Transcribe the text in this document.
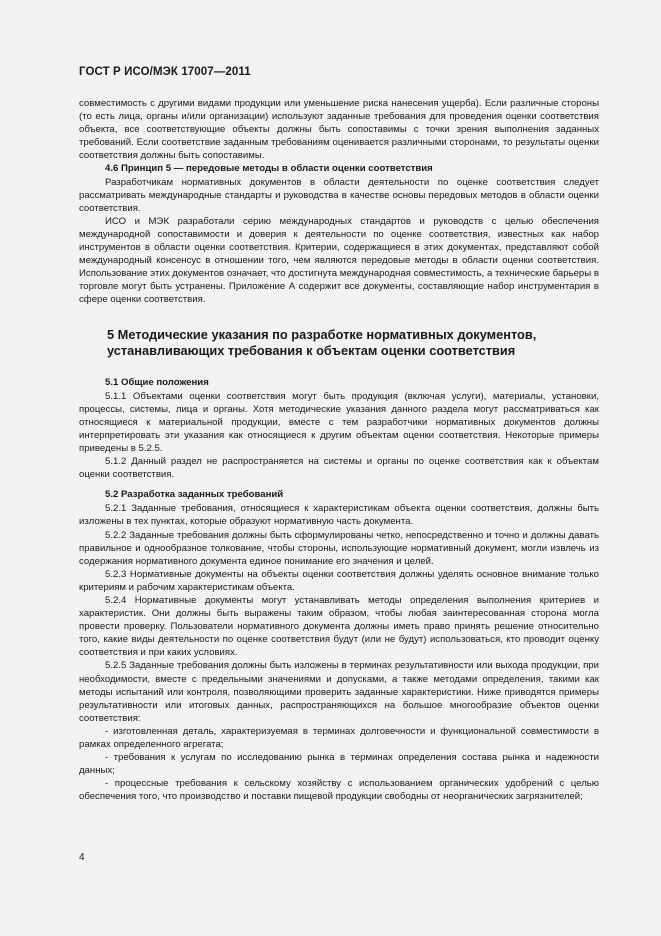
ГОСТ Р ИСО/МЭК 17007—2011

совместимость с другими видами продукции или уменьшение риска нанесения ущерба). Если различные стороны (то есть лица, органы и/или организации) используют заданные требования для проведения оценки соответствия объекта, все соответствующие объекты должны быть сопоставимы с точки зрения выполнения заданных требований. Если соответствие заданным требованиям оценивается различными сторонами, то результаты оценки соответствия должны быть сопоставимы.

4.6 Принцип 5 — передовые методы в области оценки соответствия

Разработчикам нормативных документов в области деятельности по оценке соответствия следует рассматривать международные стандарты и руководства в качестве основы передовых методов в области оценки соответствия.

ИСО и МЭК разработали серию международных стандартов и руководств с целью обеспечения международной сопоставимости и доверия к деятельности по оценке соответствия, известных как набор инструментов в области оценки соответствия. Критерии, содержащиеся в этих документах, представляют собой международный консенсус в отношении того, чем являются передовые методы в области оценки соответствия. Использование этих документов означает, что достигнута международная совместимость, а технические барьеры в торговле могут быть устранены. Приложение А содержит все документы, составляющие набор инструментария в сфере оценки соответствия.

5 Методические указания по разработке нормативных документов, устанавливающих требования к объектам оценки соответствия

5.1 Общие положения

5.1.1 Объектами оценки соответствия могут быть продукция (включая услуги), материалы, установки, процессы, системы, лица и органы. Хотя методические указания данного раздела могут рассматриваться как относящиеся к материальной продукции, вместе с тем разработчики нормативных документов должны интерпретировать эти указания как относящиеся к другим объектам оценки соответствия. Некоторые примеры приведены в 5.2.5.

5.1.2 Данный раздел не распространяется на системы и органы по оценке соответствия как к объектам оценки соответствия.

5.2 Разработка заданных требований

5.2.1 Заданные требования, относящиеся к характеристикам объекта оценки соответствия, должны быть изложены в тех пунктах, которые образуют нормативную часть документа.

5.2.2 Заданные требования должны быть сформулированы четко, непосредственно и точно и должны давать правильное и однообразное толкование, чтобы стороны, использующие нормативный документ, могли извлечь из содержания нормативного документа единое понимание его значения и целей.

5.2.3 Нормативные документы на объекты оценки соответствия должны уделять основное внимание только критериям и рабочим характеристикам объекта.

5.2.4 Нормативные документы могут устанавливать методы определения выполнения критериев и характеристик. Они должны быть выражены таким образом, чтобы любая заинтересованная сторона могла провести проверку. Пользователи нормативного документа должны иметь право принять решение относительно того, какие виды деятельности по оценке соответствия будут (или не будут) использоваться, кто проводит оценку соответствия и при каких условиях.

5.2.5 Заданные требования должны быть изложены в терминах результативности или выхода продукции, при необходимости, вместе с предельными значениями и допусками, а также методами определения, такими как методы испытаний или контроля, позволяющими проверить заданные характеристики. Ниже приводятся примеры результативности или итоговых данных, распространяющихся на большое многообразие объектов оценки соответствия:

- изготовленная деталь, характеризуемая в терминах долговечности и функциональной совместимости в рамках определенного агрегата;

- требования к услугам по исследованию рынка в терминах определения состава рынка и надежности данных;

- процессные требования к сельскому хозяйству с использованием органических удобрений с целью обеспечения того, что производство и поставки пищевой продукции свободны от неорганических загрязнителей;

4
